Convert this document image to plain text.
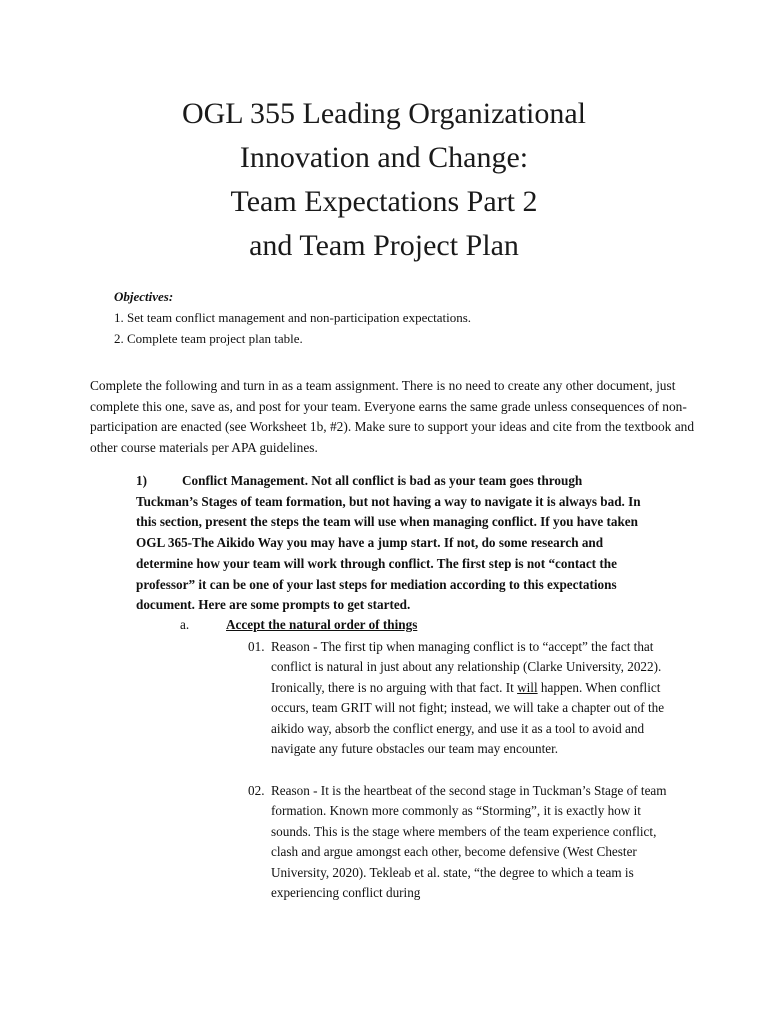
OGL 355 Leading Organizational
Innovation and Change:
Team Expectations Part 2
and Team Project Plan
Objectives:
1. Set team conflict management and non-participation expectations.
2. Complete team project plan table.

Complete the following and turn in as a team assignment. There is no need to create any other document, just complete this one, save as, and post for your team. Everyone earns the same grade unless consequences of non-participation are enacted (see Worksheet 1b, #2). Make sure to support your ideas and cite from the textbook and other course materials per APA guidelines.

1)	Conflict Management. Not all conflict is bad as your team goes through Tuckman’s Stages of team formation, but not having a way to navigate it is always bad. In this section, present the steps the team will use when managing conflict. If you have taken OGL 365-The Aikido Way you may have a jump start. If not, do some research and determine how your team will work through conflict. The first step is not “contact the professor” it can be one of your last steps for mediation according to this expectations document. Here are some prompts to get started.

a.	Accept the natural order of things
01. Reason - The first tip when managing conflict is to “accept” the fact that conflict is natural in just about any relationship (Clarke University, 2022). Ironically, there is no arguing with that fact. It will happen. When conflict occurs, team GRIT will not fight; instead, we will take a chapter out of the aikido way, absorb the conflict energy, and use it as a tool to avoid and navigate any future obstacles our team may encounter.
02. Reason - It is the heartbeat of the second stage in Tuckman’s Stage of team formation. Known more commonly as “Storming”, it is exactly how it sounds. This is the stage where members of the team experience conflict, clash and argue amongst each other, become defensive (West Chester University, 2020). Tekleab et al. state, “the degree to which a team is experiencing conflict during
